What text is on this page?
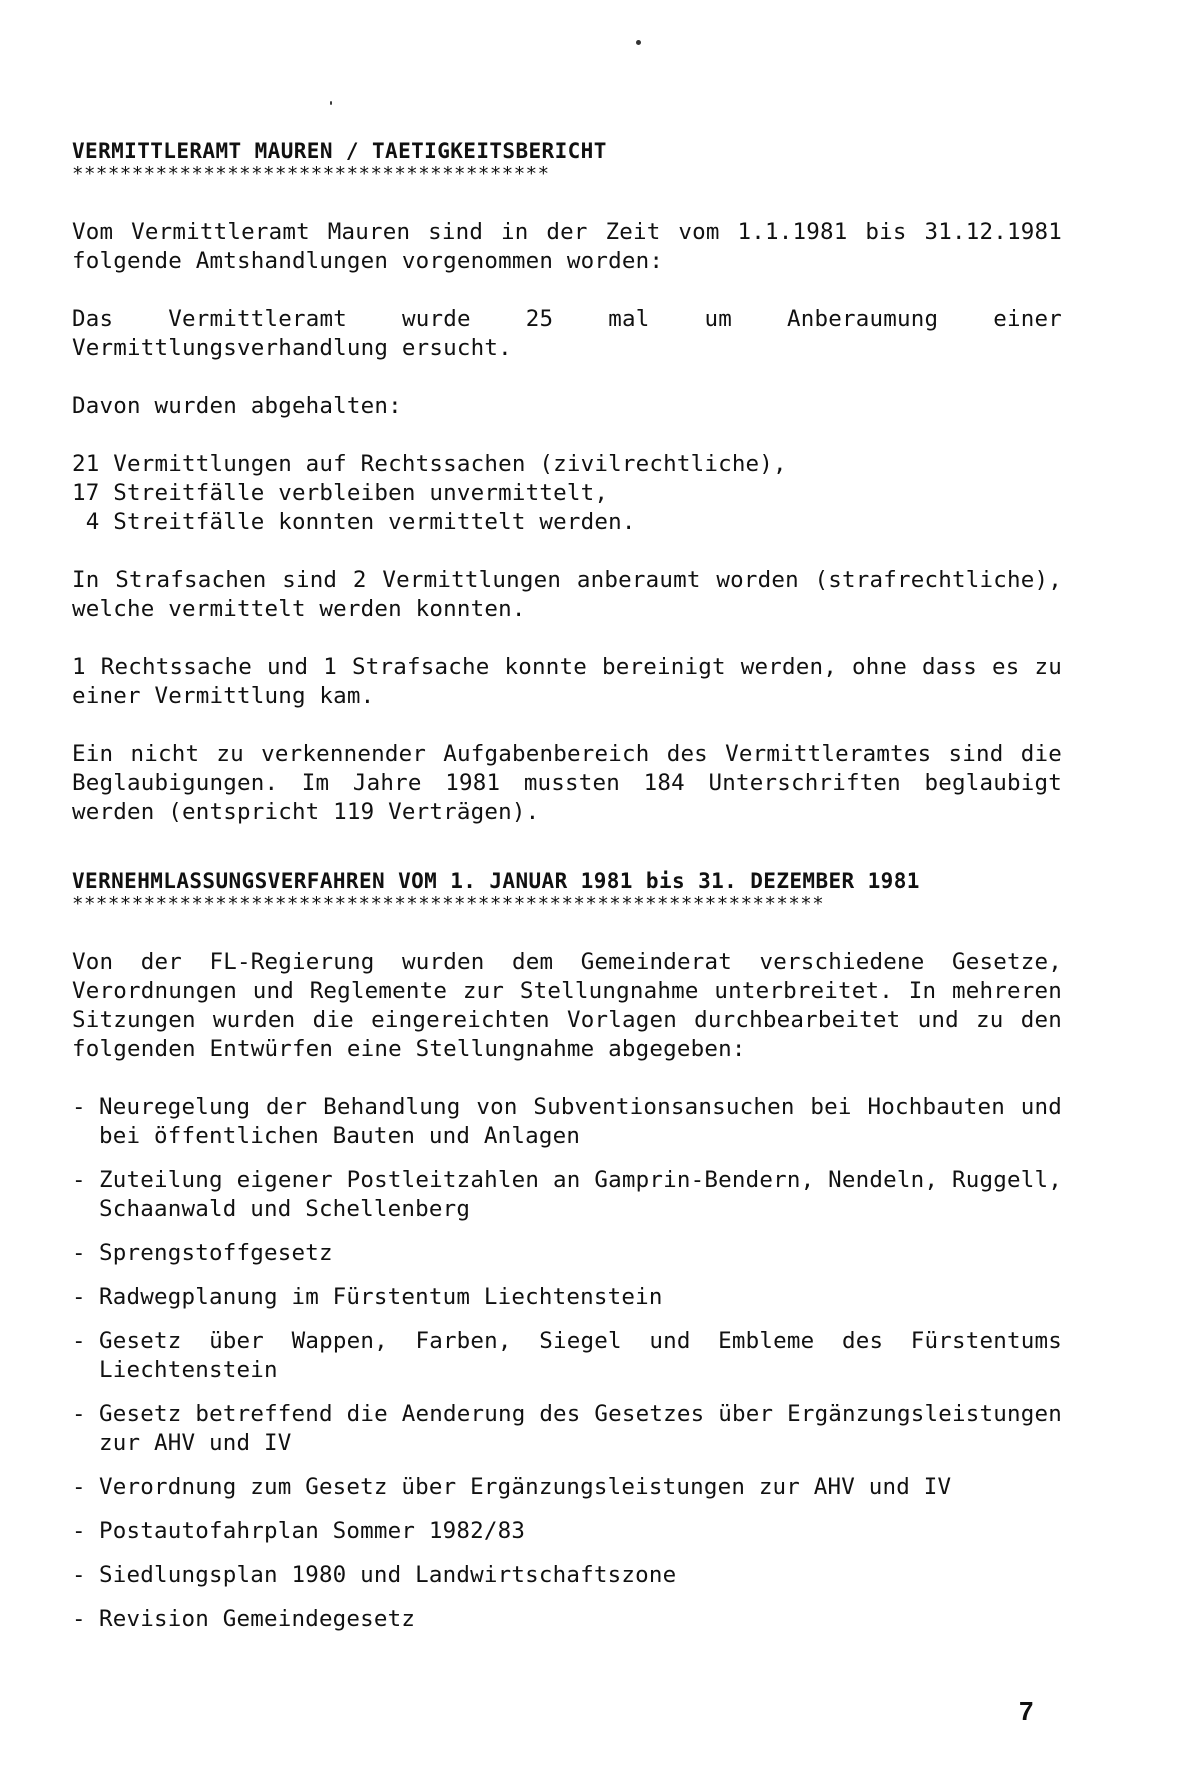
VERMITTLERAMT MAUREN / TAETIGKEITSBERICHT
****************************************

Vom Vermittleramt Mauren sind in der Zeit vom 1.1.1981 bis 31.12.1981 folgende Amtshandlungen vorgenommen worden:

Das Vermittleramt wurde 25 mal um Anberaumung einer Vermittlungsverhandlung ersucht.

Davon wurden abgehalten:

21 Vermittlungen auf Rechtssachen (zivilrechtliche),
17 Streitfälle verbleiben unvermittelt,
4 Streitfälle konnten vermittelt werden.

In Strafsachen sind 2 Vermittlungen anberaumt worden (strafrechtliche), welche vermittelt werden konnten.

1 Rechtssache und 1 Strafsache konnte bereinigt werden, ohne dass es zu einer Vermittlung kam.

Ein nicht zu verkennender Aufgabenbereich des Vermittleramtes sind die Beglaubigungen. Im Jahre 1981 mussten 184 Unterschriften beglaubigt werden (entspricht 119 Verträgen).

VERNEHMLASSUNGSVERFAHREN VOM 1. JANUAR 1981 bis 31. DEZEMBER 1981
***************************************************************

Von der FL-Regierung wurden dem Gemeinderat verschiedene Gesetze, Verordnungen und Reglemente zur Stellungnahme unterbreitet. In mehreren Sitzungen wurden die eingereichten Vorlagen durchbearbeitet und zu den folgenden Entwürfen eine Stellungnahme abgegeben:

- Neuregelung der Behandlung von Subventionsansuchen bei Hochbauten und bei öffentlichen Bauten und Anlagen
- Zuteilung eigener Postleitzahlen an Gamprin-Bendern, Nendeln, Ruggell, Schaanwald und Schellenberg
- Sprengstoffgesetz
- Radwegplanung im Fürstentum Liechtenstein
- Gesetz über Wappen, Farben, Siegel und Embleme des Fürstentums Liechtenstein
- Gesetz betreffend die Aenderung des Gesetzes über Ergänzungsleistungen zur AHV und IV
- Verordnung zum Gesetz über Ergänzungsleistungen zur AHV und IV
- Postautofahrplan Sommer 1982/83
- Siedlungsplan 1980 und Landwirtschaftszone
- Revision Gemeindegesetz
7
